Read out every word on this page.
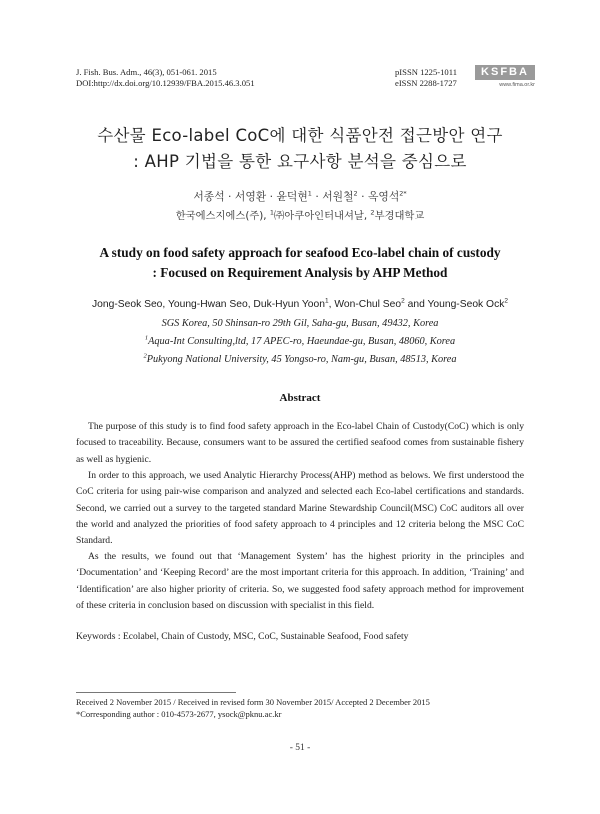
J. Fish. Bus. Adm., 46(3), 051-061. 2015
DOI:http://dx.doi.org/10.12939/FBA.2015.46.3.051
pISSN 1225-1011
eISSN 2288-1727
KSFBA
www.fima.or.kr
수산물 Eco-label CoC에 대한 식품안전 접근방안 연구
: AHP 기법을 통한 요구사항 분석을 중심으로
서종석 · 서영환 · 윤덕현$^1$ · 서원철$^2$ · 옥영석$^{2*}$
한국에스지에스(주), $^1$㈜아쿠아인터내셔날, $^2$부경대학교
A study on food safety approach for seafood Eco-label chain of custody
: Focused on Requirement Analysis by AHP Method
Jong-Seok Seo, Young-Hwan Seo, Duk-Hyun Yoon$^1$, Won-Chul Seo$^2$ and Young-Seok Ock$^2$
SGS Korea, 50 Shinsan-ro 29th Gil, Saha-gu, Busan, 49432, Korea
$^1$Aqua-Int Consulting,ltd, 17 APEC-ro, Haeundae-gu, Busan, 48060, Korea
$^2$Pukyong National University, 45 Yongso-ro, Nam-gu, Busan, 48513, Korea
Abstract

The purpose of this study is to find food safety approach in the Eco-label Chain of Custody(CoC) which is only focused to traceability. Because, consumers want to be assured the certified seafood comes from sustainable fishery as well as hygienic.

In order to this approach, we used Analytic Hierarchy Process(AHP) method as belows. We first understood the CoC criteria for using pair-wise comparison and analyzed and selected each Eco-label certifications and standards. Second, we carried out a survey to the targeted standard Marine Stewardship Council(MSC) CoC auditors all over the world and analyzed the priorities of food safety approach to 4 principles and 12 criteria belong the MSC CoC Standard.

As the results, we found out that ‘Management System’ has the highest priority in the principles and ‘Documentation’ and ‘Keeping Record’ are the most important criteria for this approach. In addition, ‘Training’ and ‘Identification’ are also higher priority of criteria. So, we suggested food safety approach method for improvement of these criteria in conclusion based on discussion with specialist in this field.

Keywords : Ecolabel, Chain of Custody, MSC, CoC, Sustainable Seafood, Food safety
Received 2 November 2015 / Received in revised form 30 November 2015/ Accepted 2 December 2015
*Corresponding author : 010-4573-2677, ysock@pknu.ac.kr
- 51 -
